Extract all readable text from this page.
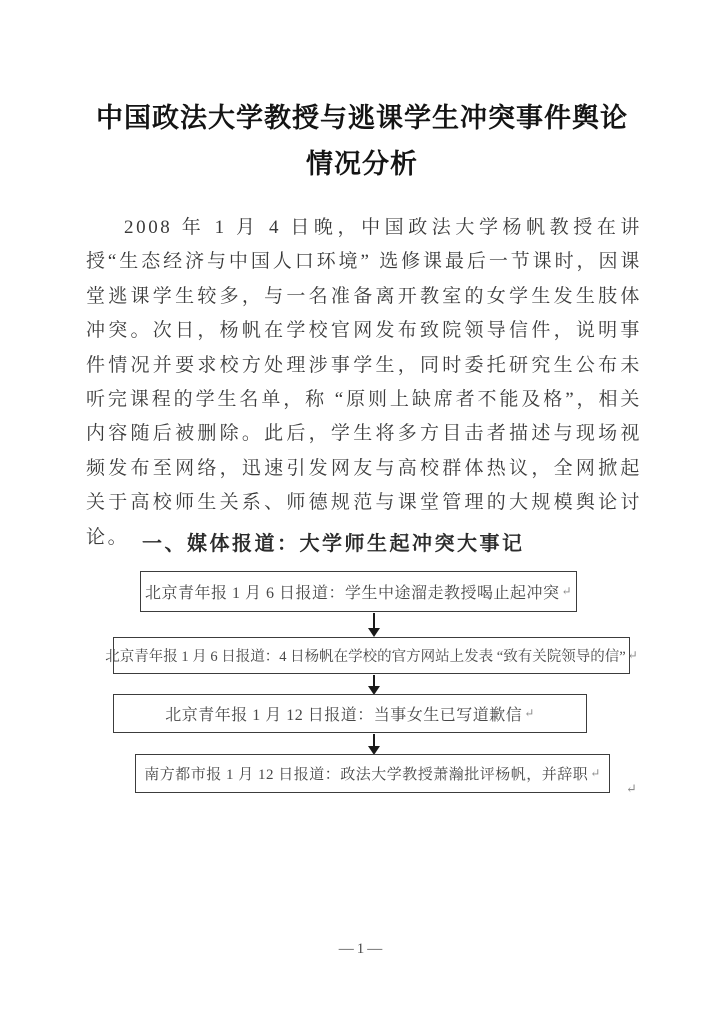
中国政法大学教授与逃课学生冲突事件舆论
情况分析

2008 年 1 月 4 日晚，中国政法大学杨帆教授在讲授“生态经济与中国人口环境” 选修课最后一节课时，因课堂逃课学生较多，与一名准备离开教室的女学生发生肢体冲突。次日，杨帆在学校官网发布致院领导信件，说明事件情况并要求校方处理涉事学生，同时委托研究生公布未听完课程的学生名单，称 “原则上缺席者不能及格”，相关内容随后被删除。此后，学生将多方目击者描述与现场视频发布至网络，迅速引发网友与高校群体热议，全网掀起关于高校师生关系、师德规范与课堂管理的大规模舆论讨论。 一、媒体报道：大学师生起冲突大事记
北京青年报 1 月 6 日报道：学生中途溜走教授喝止起冲突 ↵
北京青年报 1 月 6 日报道：4 日杨帆在学校的官方网站上发表 “致有关院领导的信” ↵
北京青年报 1 月 12 日报道：当事女生已写道歉信 ↵
南方都市报 1 月 12 日报道：政法大学教授萧瀚批评杨帆，并辞职 ↵
↵
—1—
